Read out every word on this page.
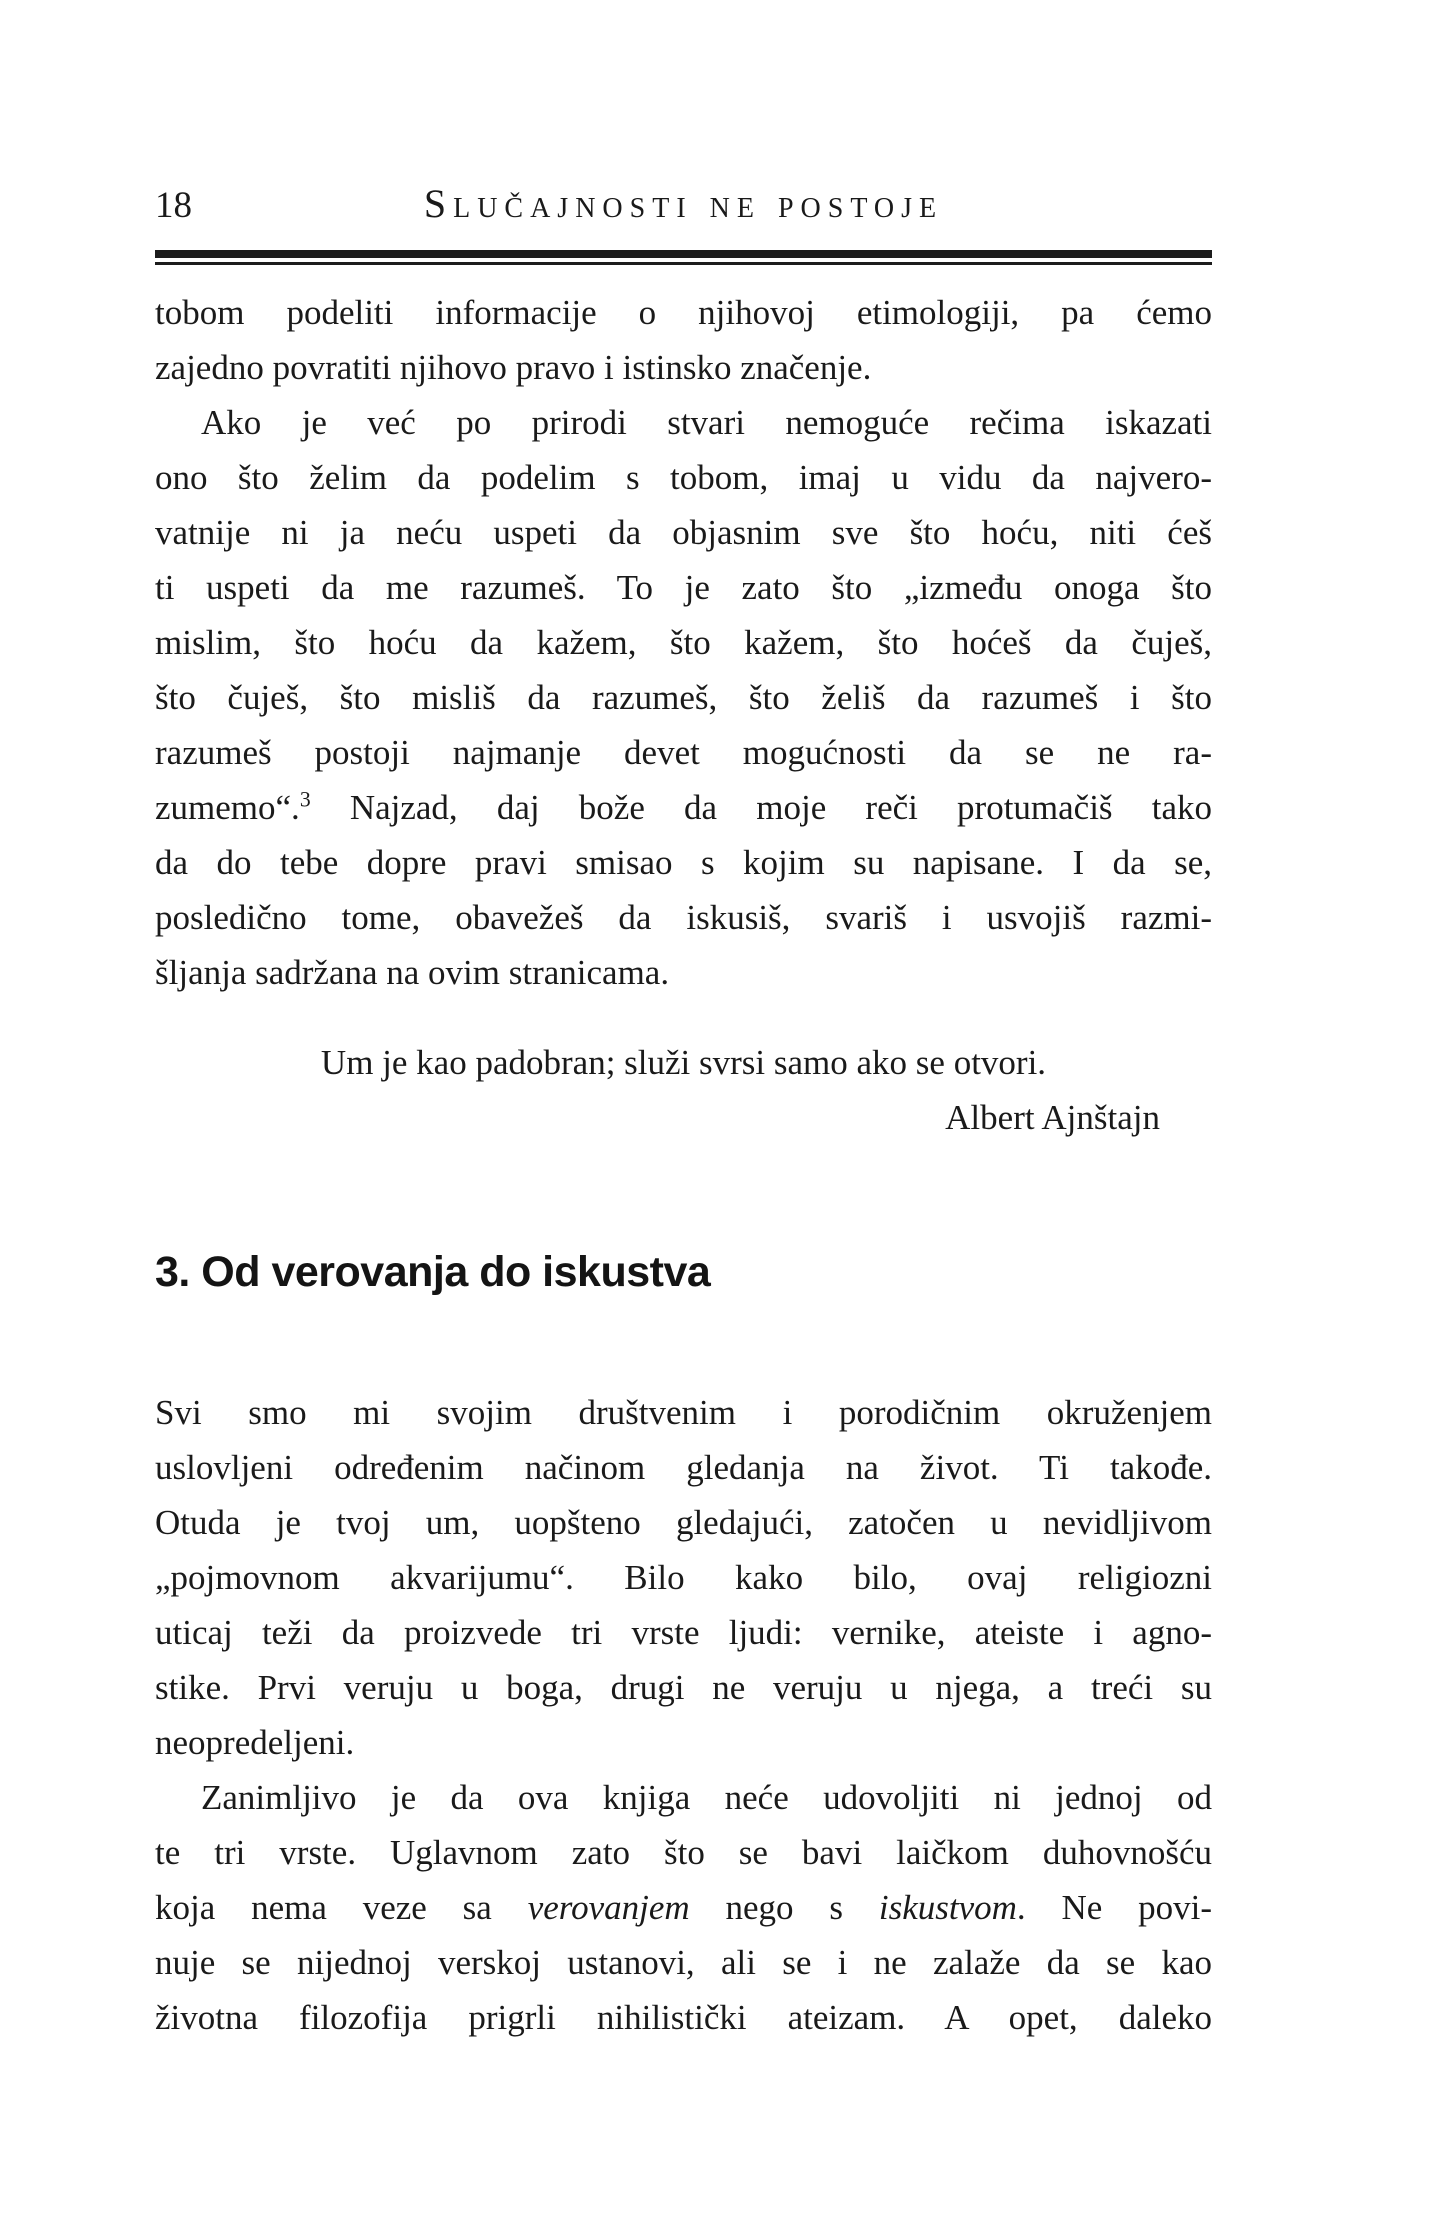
18	Slučajnosti ne postoje
tobom podeliti informacije o njihovoj etimologiji, pa ćemo
zajedno povratiti njihovo pravo i istinsko značenje.
Ako je već po prirodi stvari nemoguće rečima iskazati
ono što želim da podelim s tobom, imaj u vidu da najvero-
vatnije ni ja neću uspeti da objasnim sve što hoću, niti ćeš
ti uspeti da me razumeš. To je zato što „između onoga što
mislim, što hoću da kažem, što kažem, što hoćeš da čuješ,
što čuješ, što misliš da razumeš, što želiš da razumeš i što
razumeš postoji najmanje devet mogućnosti da se ne ra-
zumemo“.$^3$ Najzad, daj bože da moje reči protumačiš tako
da do tebe dopre pravi smisao s kojim su napisane. I da se,
posledično tome, obavežeš da iskusiš, svariš i usvojiš razmi-
šljanja sadržana na ovim stranicama.
Um je kao padobran; služi svrsi samo ako se otvori.
Albert Ajnštajn
3. Od verovanja do iskustva
Svi smo mi svojim društvenim i porodičnim okruženjem
uslovljeni određenim načinom gledanja na život. Ti takođe.
Otuda je tvoj um, uopšteno gledajući, zatočen u nevidljivom
„pojmovnom akvarijumu“. Bilo kako bilo, ovaj religiozni
uticaj teži da proizvede tri vrste ljudi: vernike, ateiste i agno-
stike. Prvi veruju u boga, drugi ne veruju u njega, a treći su
neopredeljeni.
Zanimljivo je da ova knjiga neće udovoljiti ni jednoj od
te tri vrste. Uglavnom zato što se bavi laičkom duhovnošću
koja nema veze sa verovanjem nego s iskustvom. Ne povi-
nuje se nijednoj verskoj ustanovi, ali se i ne zalaže da se kao
životna filozofija prigrli nihilistički ateizam. A opet, daleko
